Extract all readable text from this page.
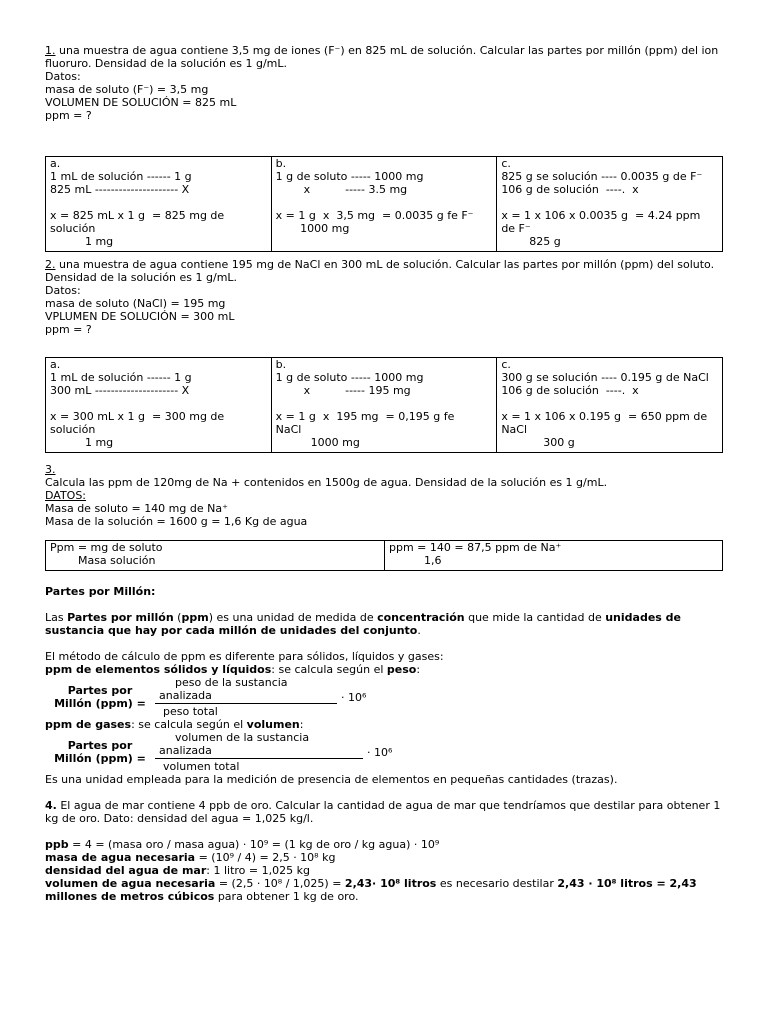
1. una muestra de agua contiene 3,5 mg de iones (F⁻) en 825 mL de solución. Calcular las partes por millón (ppm) del ion fluoruro. Densidad de la solución es 1 g/mL.

Datos:

masa de soluto (F⁻) = 3,5 mg

VOLUMEN DE SOLUCIÓN = 825 mL

ppm = ?

a.
1 mL de solución ------ 1 g
825 mL --------------------- X

x = 825 mL x 1 g  = 825 mg de
solución
1 mg

b.
1 g de soluto ----- 1000 mg
x          ----- 3.5 mg

x = 1 g  x  3,5 mg  = 0.0035 g fe F⁻
1000 mg

c.
825 g se solución ---- 0.0035 g de F⁻
106 g de solución  ----.  x

x = 1 x 106 x 0.0035 g  = 4.24 ppm
de F⁻
825 g

2. una muestra de agua contiene 195 mg de NaCl en 300 mL de solución. Calcular las partes por millón (ppm) del soluto. Densidad de la solución es 1 g/mL.

Datos:

masa de soluto (NaCl) = 195 mg

VPLUMEN DE SOLUCIÓN = 300 mL

ppm = ?

a.
1 mL de solución ------ 1 g
300 mL --------------------- X

x = 300 mL x 1 g  = 300 mg de
solución
1 mg

b.
1 g de soluto ----- 1000 mg
x          ----- 195 mg

x = 1 g  x  195 mg  = 0,195 g fe
NaCl
1000 mg

c.
300 g se solución ---- 0.195 g de NaCl
106 g de solución  ----.  x

x = 1 x 106 x 0.195 g  = 650 ppm de
NaCl
300 g

3.

Calcula las ppm de 120mg de Na + contenidos en 1500g de agua. Densidad de la solución es 1 g/mL.

DATOS:

Masa de soluto = 140 mg de Na⁺

Masa de la solución = 1600 g = 1,6 Kg de agua

Ppm = mg de soluto
Masa solución

ppm = 140 = 87,5 ppm de Na⁺
1,6

Partes por Millón:

Las Partes por millón (ppm) es una unidad de medida de concentración que mide la cantidad de unidades de sustancia que hay por cada millón de unidades del conjunto.

El método de cálculo de ppm es diferente para sólidos, líquidos y gases:

ppm de elementos sólidos y líquidos: se calcula según el peso:

Partes por
Millón (ppm) =
peso de la sustancia
analizada
peso total
· 10⁶

ppm de gases: se calcula según el volumen:

Partes por
Millón (ppm) =
volumen de la sustancia
analizada
volumen total
· 10⁶

Es una unidad empleada para la medición de presencia de elementos en pequeñas cantidades (trazas).

4. El agua de mar contiene 4 ppb de oro. Calcular la cantidad de agua de mar que tendríamos que destilar para obtener 1 kg de oro. Dato: densidad del agua = 1,025 kg/l.

ppb = 4 = (masa oro / masa agua) · 10⁹ = (1 kg de oro / kg agua) · 10⁹

masa de agua necesaria = (10⁹ / 4) = 2,5 · 10⁸ kg

densidad del agua de mar: 1 litro = 1,025 kg

volumen de agua necesaria = (2,5 · 10⁸ / 1,025) = 2,43· 10⁸ litros es necesario destilar 2,43 · 10⁸ litros = 2,43 millones de metros cúbicos para obtener 1 kg de oro.
